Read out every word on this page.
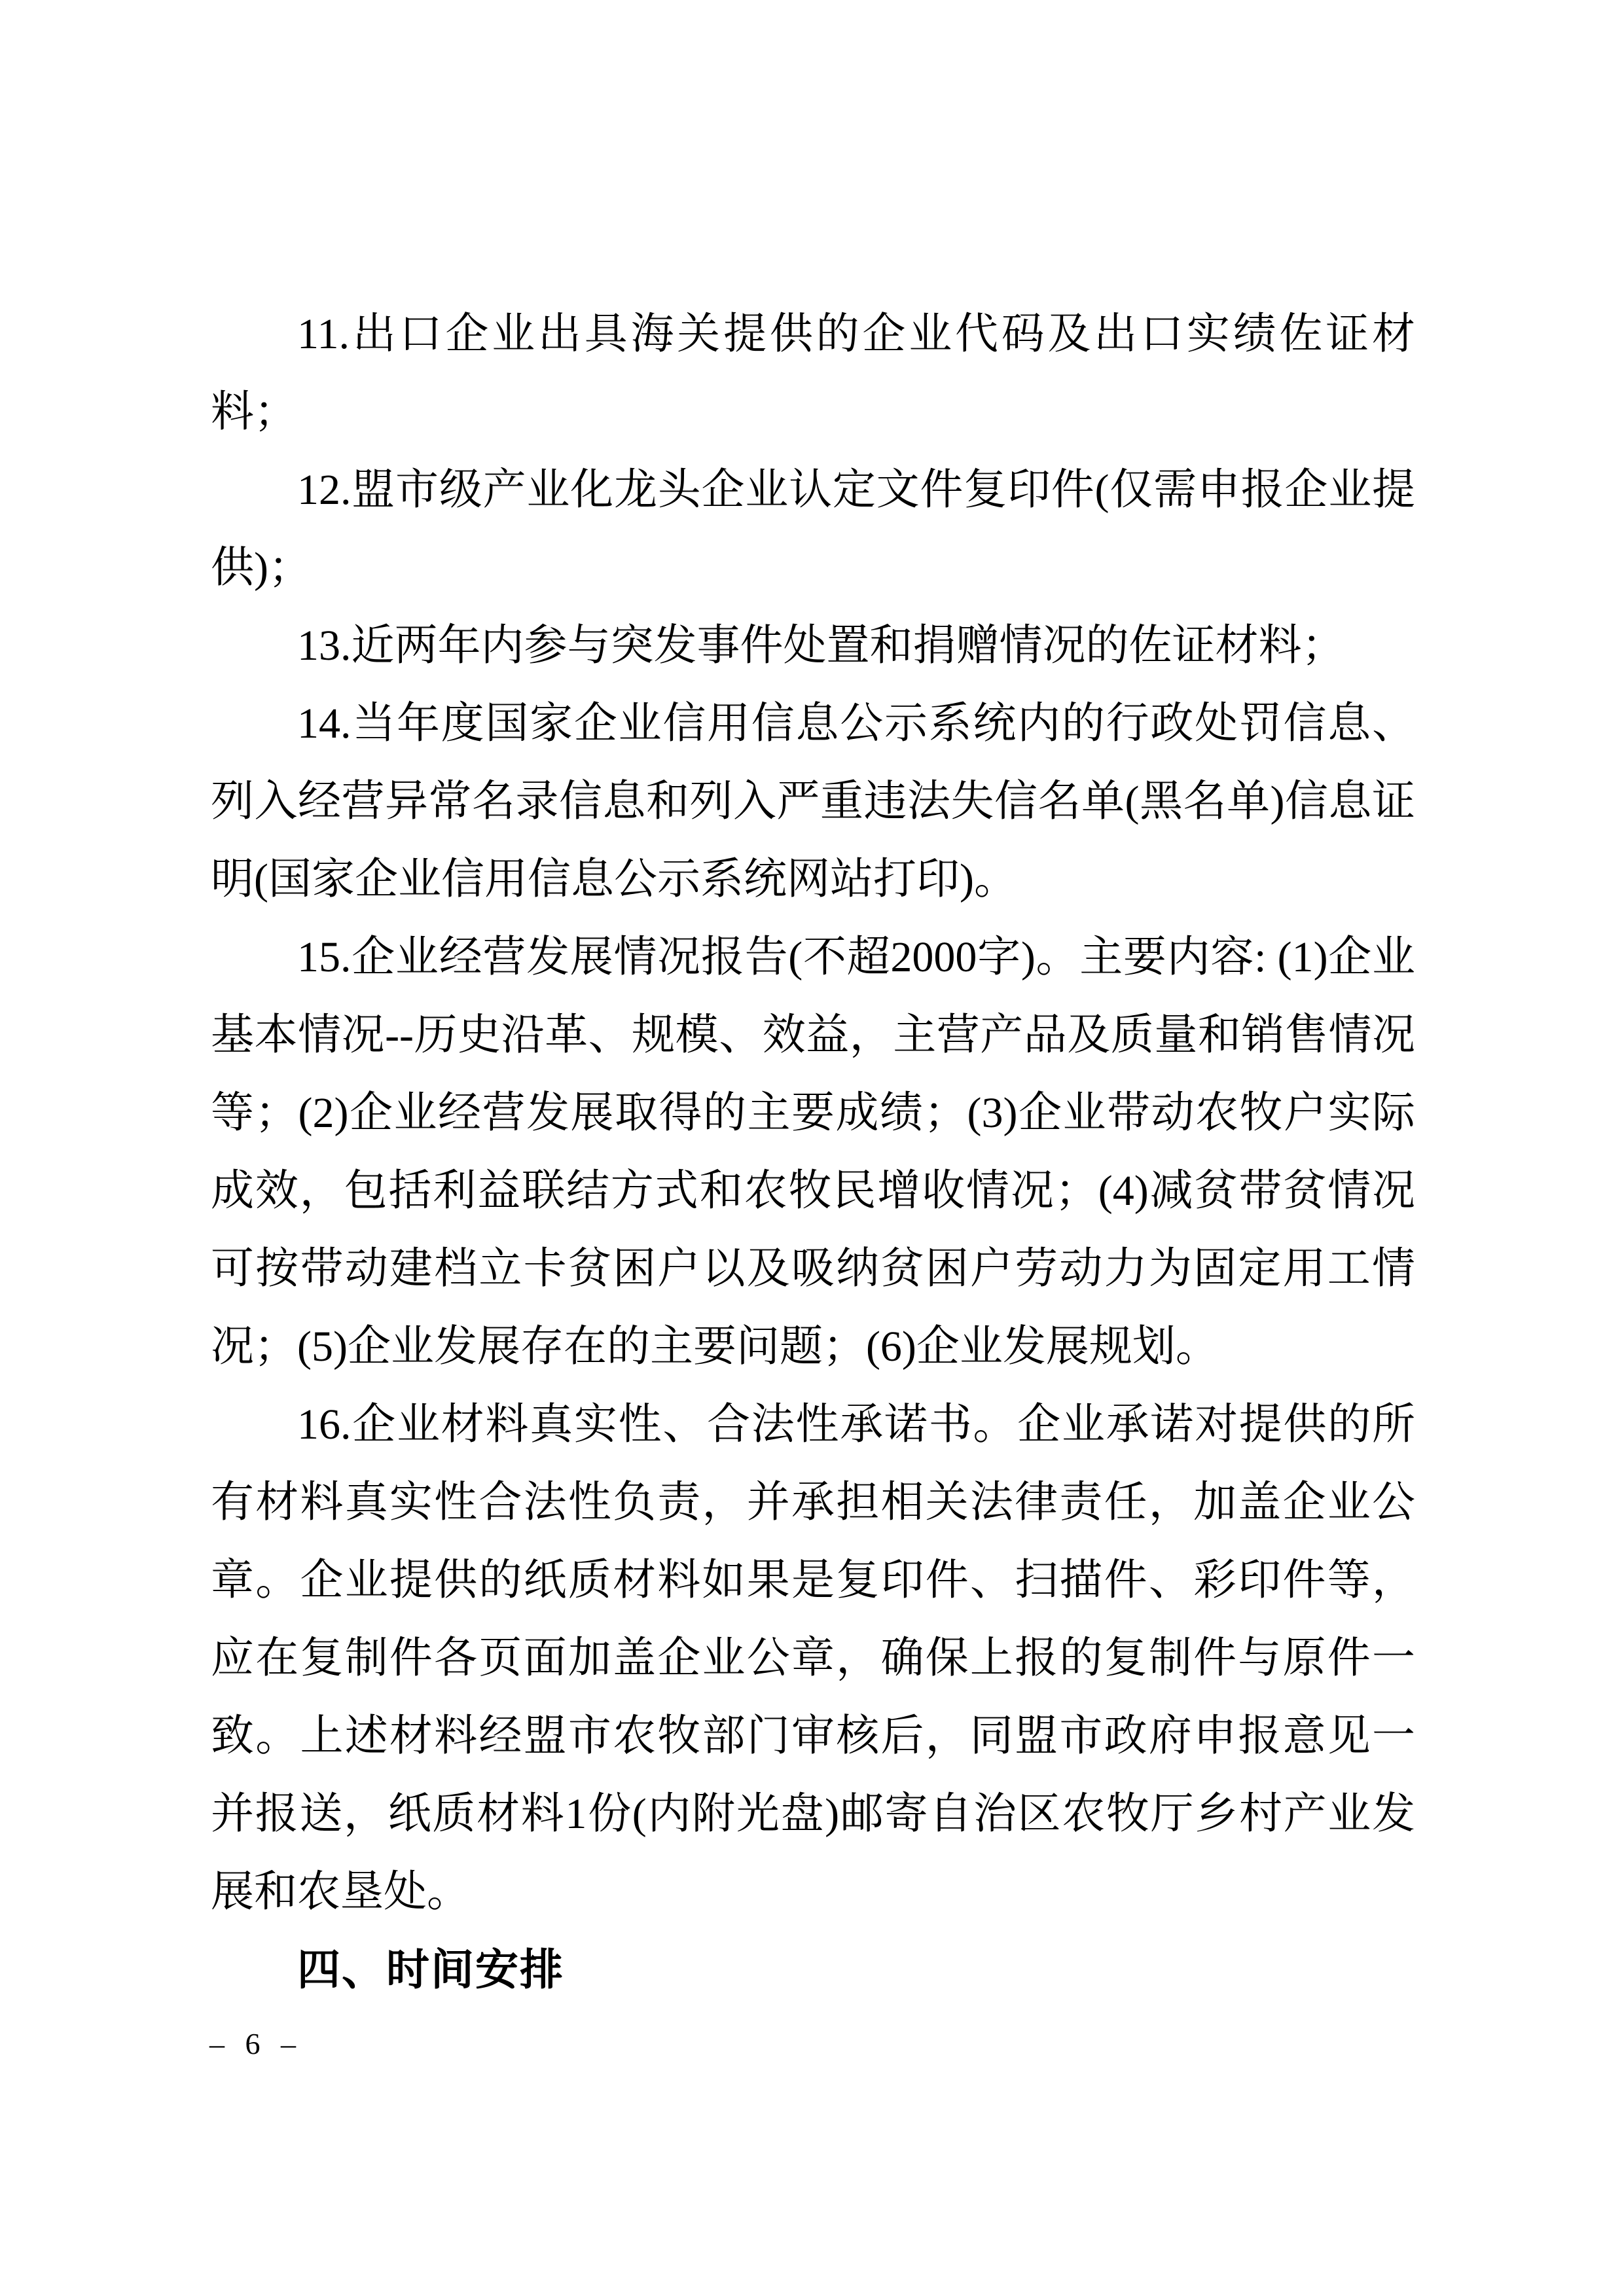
11.出口企业出具海关提供的企业代码及出口实绩佐证材料；

12.盟市级产业化龙头企业认定文件复印件(仅需申报企业提供)；

13.近两年内参与突发事件处置和捐赠情况的佐证材料；

14.当年度国家企业信用信息公示系统内的行政处罚信息、列入经营异常名录信息和列入严重违法失信名单(黑名单)信息证明(国家企业信用信息公示系统网站打印)。

15.企业经营发展情况报告(不超2000字)。主要内容: (1)企业基本情况--历史沿革、规模、效益，主营产品及质量和销售情况等；(2)企业经营发展取得的主要成绩；(3)企业带动农牧户实际成效，包括利益联结方式和农牧民增收情况；(4)减贫带贫情况可按带动建档立卡贫困户以及吸纳贫困户劳动力为固定用工情况；(5)企业发展存在的主要问题；(6)企业发展规划。

16.企业材料真实性、合法性承诺书。企业承诺对提供的所有材料真实性合法性负责，并承担相关法律责任，加盖企业公章。企业提供的纸质材料如果是复印件、扫描件、彩印件等，应在复制件各页面加盖企业公章，确保上报的复制件与原件一致。上述材料经盟市农牧部门审核后，同盟市政府申报意见一并报送，纸质材料1份(内附光盘)邮寄自治区农牧厅乡村产业发展和农垦处。

四、时间安排

– 6 –
